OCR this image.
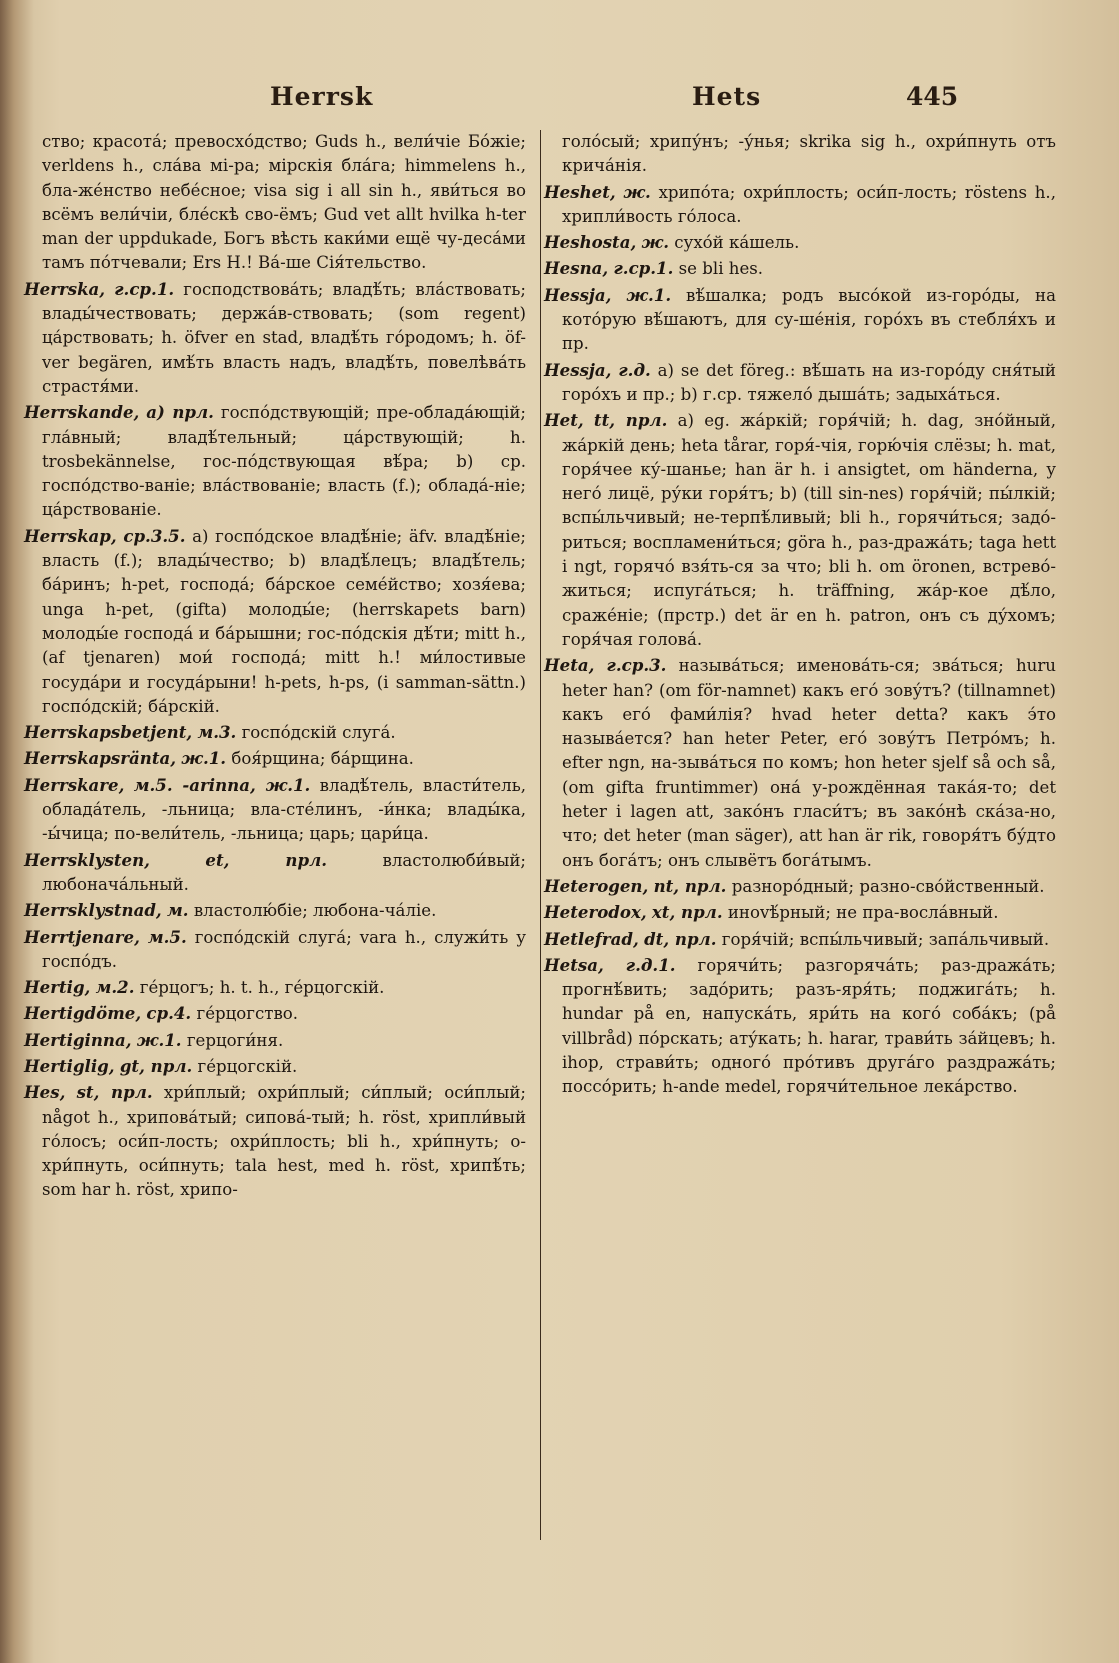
Herrsk	Hets	445

ство; красота́; превосхо́дство; Guds h., вели́чіе Бо́жіе; verldens h., сла́ва мі-ра; мірскія бла́га; himmelens h., бла-же́нство небе́сное; visa sig i all sin h., яви́ться во всёмъ вели́чіи, бле́скѣ сво-ёмъ; Gud vet allt hvilka h-ter man der uppdukade, Богъ вѣсть каки́ми ещё чу-деса́ми тамъ по́тчевали; Ers H.! Ва́-ше Сія́тельство.

Herrska, г.ср.1. господствова́ть; владѣ́ть; вла́ствовать; влады́чествовать; держа́в-ствовать; (som regent) ца́рствовать; h. öfver en stad, владѣ́ть го́родомъ; h. öf-ver begären, имѣ́ть власть надъ, владѣ́ть, повелѣва́ть страстя́ми.

Herrskande, a) прл. госпо́дствующій; пре-облада́ющій; гла́вный; владѣ́тельный; ца́рствующій; h. trosbekännelse, гос-по́дствующая вѣ́ра; b) ср. госпо́дство-ваніе; вла́ствованіе; власть (f.); облада́-ніе; ца́рствованіе.

Herrskap, ср.3.5. a) госпо́дское владѣ́ніе; äfv. владѣ́ніе; власть (f.); влады́чество; b) владѣ́лецъ; владѣ́тель; ба́ринъ; h-pet, господа́; ба́рское семе́йство; хозя́ева; unga h-pet, (gifta) молоды́е; (herrskapets barn) молоды́е господа́ и ба́рышни; гос-по́дскія дѣ́ти; mitt h., (af tjenaren) мои́ господа́; mitt h.! ми́лостивые госуда́ри и госуда́рыни! h-pets, h-ps, (i samman-sättn.) госпо́дскій; ба́рскій.

Herrskapsbetjent, м.3. госпо́дскій слуга́.

Herrskapsränta, ж.1. боя́рщина; ба́рщина.

Herrskare, м.5. -arinna, ж.1. владѣ́тель, власти́тель, облада́тель, -льница; вла-сте́линъ, -и́нка; влады́ка, -ы́чица; по-вели́тель, -льница; царь; цари́ца.

Herrsklysten,	et, прл.	властолюби́вый; любонача́льный.

Herrsklystnad, м. властолю́біе; любона-ча́ліе.

Herrtjenare, м.5. госпо́дскій слуга́; vara h., служи́ть у госпо́дъ.

Hertig, м.2. ге́рцогъ; h. t. h., ге́рцогскій.

Hertigdöme, ср.4. ге́рцогство.

Hertiginna, ж.1. герцоги́ня.

Hertiglig, gt, прл. ге́рцогскій.

Hes, st, прл. хри́плый; охри́плый; си́плый; оси́плый; något h., хрипова́тый; сипова́-тый; h. röst, хрипли́вый го́лосъ; оси́п-лость; охри́плость; bli h., хри́пнуть; о-хри́пнуть, оси́пнуть; tala hest, med h. röst, хрипѣ́ть; som har h. röst, хрипо-

голо́сый; хрипу́нъ; -у́нья; skrika sig h., охри́пнуть отъ крича́нія.

Heshet, ж. хрипо́та; охри́плость; оси́п-лость; röstens h., хрипли́вость го́лоса.

Heshosta, ж. сухо́й ка́шель.

Hesna, г.ср.1. se bli hes.

Hessja, ж.1. вѣ́шалка; родъ высо́кой из-горо́ды, на кото́рую вѣ́шаютъ, для су-ше́нія, горо́хъ въ стебля́хъ и пр.

Hessja, г.д. a) se det föreg.: вѣ́шать на из-горо́ду сня́тый горо́хъ и пр.; b) г.ср. тяжело́ дыша́ть; задыха́ться.

Het, tt, прл. a) eg. жа́ркій; горя́чій; h. dag, зно́йный, жа́ркій день; heta tårar, горя́-чія, горю́чія слёзы; h. mat, горя́чее ку́-шанье; han är h. i ansigtet, om händerna, у него́ лицё, ру́ки горя́тъ; b) (till sin-nes) горя́чій; пы́лкій; вспы́льчивый; не-терпѣ́ливый; bli h., горячи́ться; задо́-риться; воспламени́ться; göra h., раз-дража́ть; taga hett i ngt, горячо́ взя́ть-ся за что; bli h. om öronen, встрево́-житься; испуга́ться; h. träffning, жа́р-кое дѣ́ло, сраже́ніе; (прстр.) det är en h. patron, онъ съ ду́хомъ; горя́чая голова́.

Heta, г.ср.3. называ́ться; именова́ть-ся; зва́ться; huru heter han? (om för-namnet) какъ его́ зову́тъ? (tillnamnet) какъ его́ фами́лія? hvad heter detta? какъ э́то называ́ется? han heter Peter, его́ зову́тъ Петро́мъ; h. efter ngn, на-зыва́ться по комъ; hon heter sjelf så och så, (om gifta fruntimmer) она́ у-рождённая така́я-то; det heter i lagen att, зако́нъ гласи́тъ; въ зако́нѣ ска́за-но, что; det heter (man säger), att han är rik, говоря́тъ бу́дто онъ бога́тъ; онъ слывётъ бога́тымъ.

Heterogen, nt, прл. разноро́дный; разно-сво́йственный.

Heterodox, xt, прл. инovѣ́рный; не пра-восла́вный.

Hetlefrad, dt, прл. горя́чій; вспы́льчивый; запа́льчивый.

Hetsa, г.д.1. горячи́ть; разгорячáть; раз-дража́ть; прогнѣ́вить; задо́рить; разъ-яря́ть; поджига́ть; h. hundar på en, напуска́ть, яри́ть на кого́ соба́къ; (på villbråd) по́рскать; ату́кать; h. harar, трави́ть за́йцевъ; h. ihop, страви́ть; одного́ про́тивъ друга́го раздража́ть; поссо́рить; h-ande medel, горячи́тельное лека́рство.
